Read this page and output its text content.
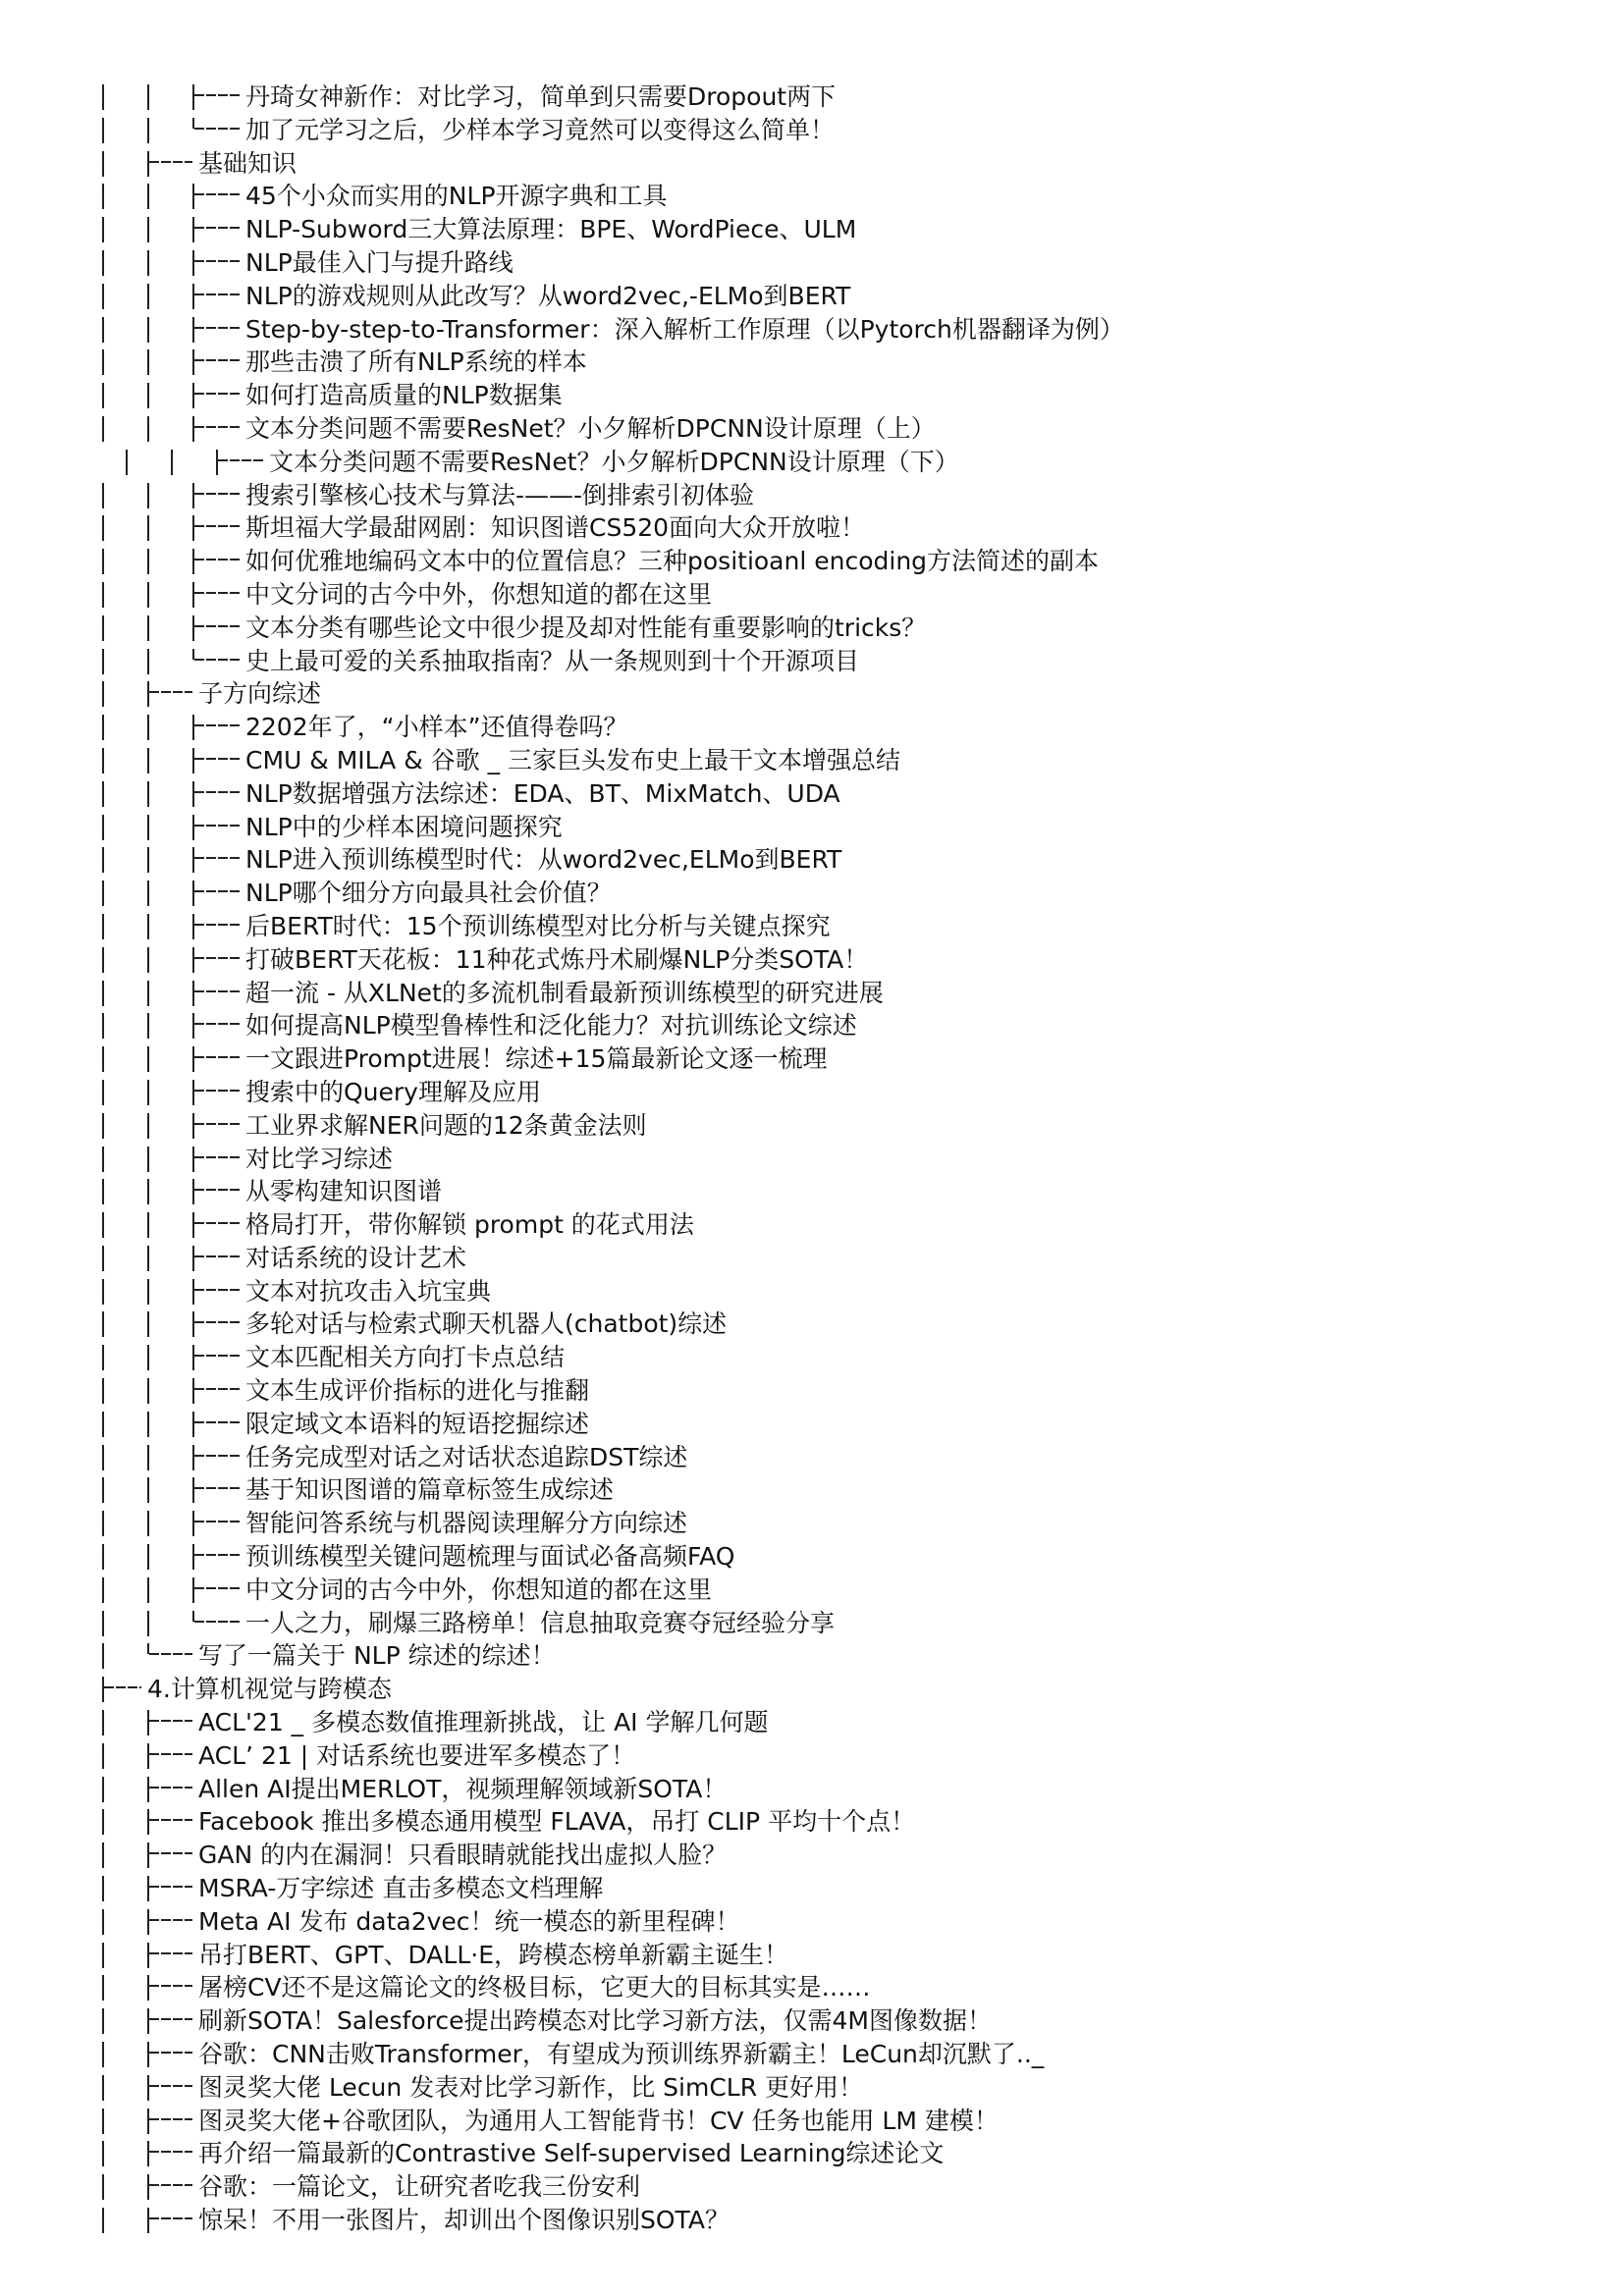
丹琦女神新作：对比学习，简单到只需要Dropout两下
加了元学习之后，少样本学习竟然可以变得这么简单！
基础知识
45个小众而实用的NLP开源字典和工具
NLP-Subword三大算法原理：BPE、WordPiece、ULM
NLP最佳入门与提升路线
NLP的游戏规则从此改写？从word2vec,-ELMo到BERT
Step-by-step-to-Transformer：深入解析工作原理（以Pytorch机器翻译为例）
那些击溃了所有NLP系统的样本
如何打造高质量的NLP数据集
文本分类问题不需要ResNet？小夕解析DPCNN设计原理（上）
文本分类问题不需要ResNet？小夕解析DPCNN设计原理（下）
搜索引擎核心技术与算法-——-倒排索引初体验
斯坦福大学最甜网剧：知识图谱CS520面向大众开放啦！
如何优雅地编码文本中的位置信息？三种positioanl encoding方法简述的副本
中文分词的古今中外，你想知道的都在这里
文本分类有哪些论文中很少提及却对性能有重要影响的tricks？
史上最可爱的关系抽取指南？从一条规则到十个开源项目
子方向综述
2202年了，“小样本”还值得卷吗？
CMU & MILA & 谷歌 _ 三家巨头发布史上最干文本增强总结
NLP数据增强方法综述：EDA、BT、MixMatch、UDA
NLP中的少样本困境问题探究
NLP进入预训练模型时代：从word2vec,ELMo到BERT
NLP哪个细分方向最具社会价值？
后BERT时代：15个预训练模型对比分析与关键点探究
打破BERT天花板：11种花式炼丹术刷爆NLP分类SOTA！
超一流 - 从XLNet的多流机制看最新预训练模型的研究进展
如何提高NLP模型鲁棒性和泛化能力？对抗训练论文综述
一文跟进Prompt进展！综述+15篇最新论文逐一梳理
搜索中的Query理解及应用
工业界求解NER问题的12条黄金法则
对比学习综述
从零构建知识图谱
格局打开，带你解锁 prompt 的花式用法
对话系统的设计艺术
文本对抗攻击入坑宝典
多轮对话与检索式聊天机器人(chatbot)综述
文本匹配相关方向打卡点总结
文本生成评价指标的进化与推翻
限定域文本语料的短语挖掘综述
任务完成型对话之对话状态追踪DST综述
基于知识图谱的篇章标签生成综述
智能问答系统与机器阅读理解分方向综述
预训练模型关键问题梳理与面试必备高频FAQ
中文分词的古今中外，你想知道的都在这里
一人之力，刷爆三路榜单！信息抽取竞赛夺冠经验分享
写了一篇关于 NLP 综述的综述！
4.计算机视觉与跨模态
ACL'21 _ 多模态数值推理新挑战，让 AI 学解几何题
ACL’ 21 | 对话系统也要进军多模态了！
Allen AI提出MERLOT，视频理解领域新SOTA！
Facebook 推出多模态通用模型 FLAVA，吊打 CLIP 平均十个点！
GAN 的内在漏洞！只看眼睛就能找出虚拟人脸？
MSRA-万字综述 直击多模态文档理解
Meta AI 发布 data2vec！统一模态的新里程碑！
吊打BERT、GPT、DALL·E，跨模态榜单新霸主诞生！
屠榜CV还不是这篇论文的终极目标，它更大的目标其实是……
刷新SOTA！Salesforce提出跨模态对比学习新方法，仅需4M图像数据！
谷歌：CNN击败Transformer，有望成为预训练界新霸主！LeCun却沉默了.._
图灵奖大佬 Lecun 发表对比学习新作，比 SimCLR 更好用！
图灵奖大佬+谷歌团队，为通用人工智能背书！CV 任务也能用 LM 建模！
再介绍一篇最新的Contrastive Self-supervised Learning综述论文
谷歌：一篇论文，让研究者吃我三份安利
惊呆！不用一张图片，却训出个图像识别SOTA？
